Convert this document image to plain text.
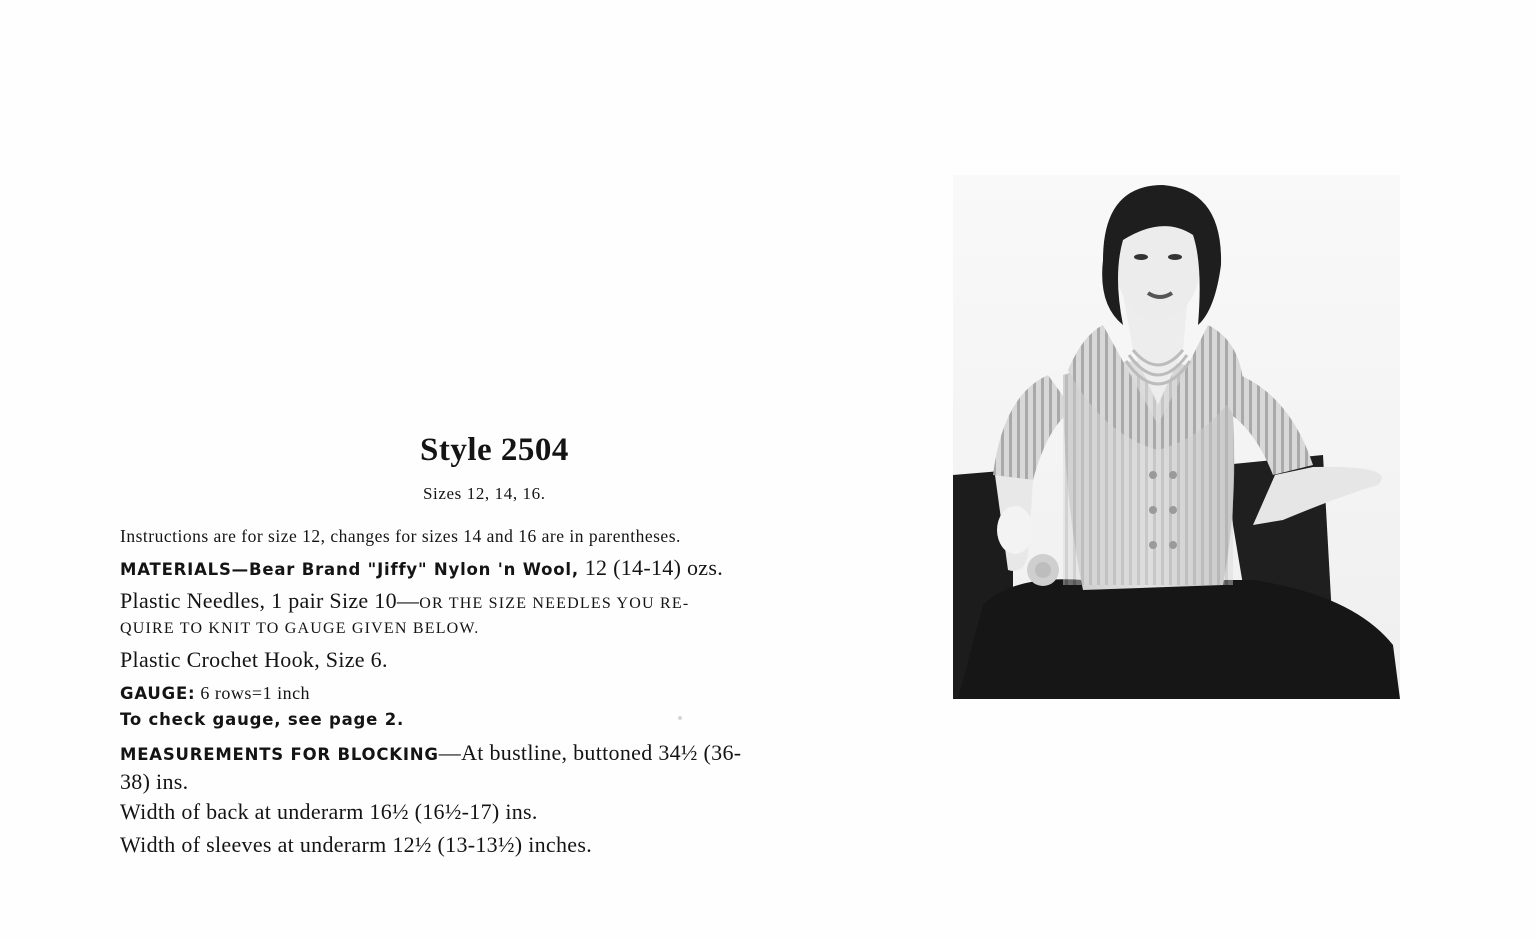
Style 2504
Sizes 12, 14, 16.
Instructions are for size 12, changes for sizes 14 and 16 are in parentheses.
MATERIALS—Bear Brand "Jiffy" Nylon 'n Wool, 12 (14-14) ozs.
Plastic Needles, 1 pair Size 10—OR THE SIZE NEEDLES YOU RE-
QUIRE TO KNIT TO GAUGE GIVEN BELOW.
Plastic Crochet Hook, Size 6.
GAUGE: 6 rows=1 inch
To check gauge, see page 2.
MEASUREMENTS FOR BLOCKING—At bustline, buttoned 34½ (36-
38) ins.
Width of back at underarm 16½ (16½-17) ins.
Width of sleeves at underarm 12½ (13-13½) inches.
